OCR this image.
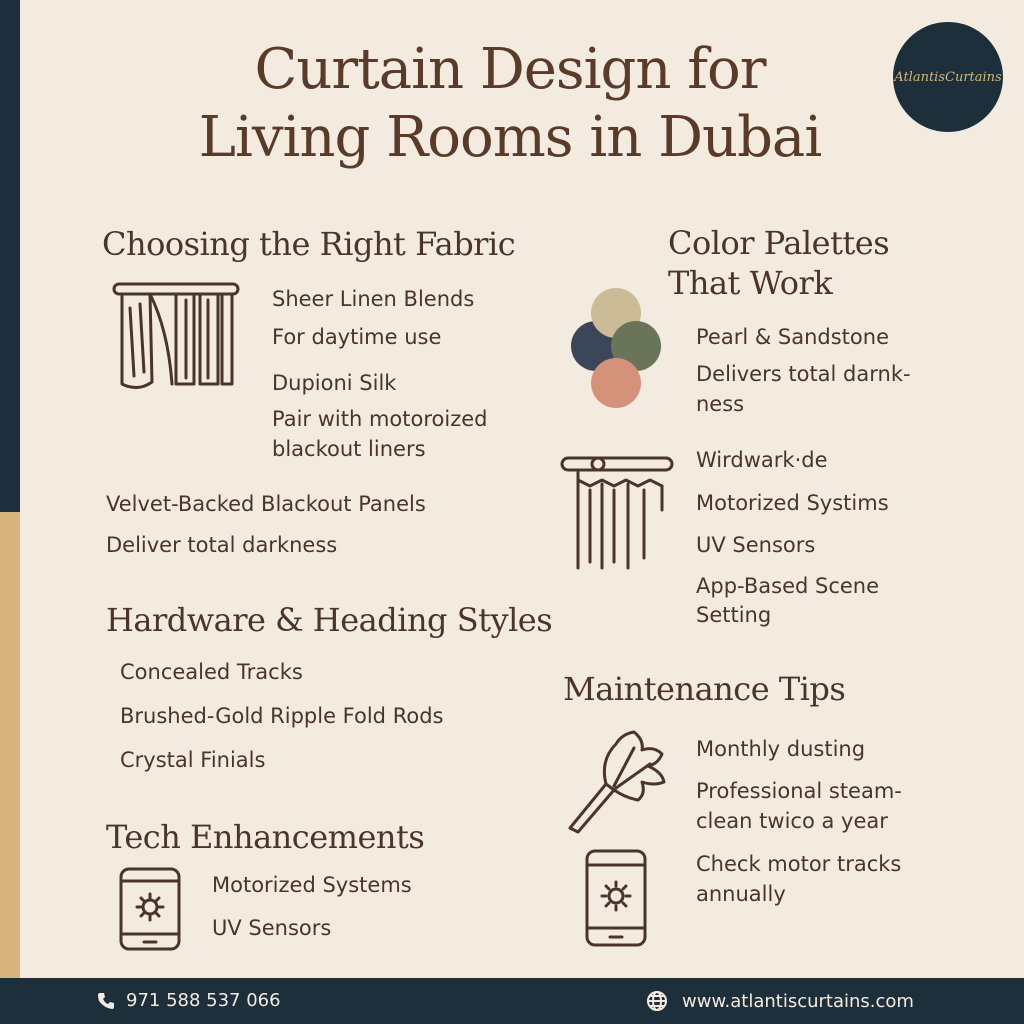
Curtain Design for
Living Rooms in Dubai
AtlantisCurtains
Choosing the Right Fabric
Sheer Linen Blends
For daytime use
Dupioni Silk
Pair with motoroized
blackout liners
Velvet-Backed Blackout Panels
Deliver total darkness
Color Palettes
That Work
Pearl & Sandstone
Delivers total darnk-
ness
Wirdwark·de
Motorized Systims
UV Sensors
App-Based Scene
Setting
Hardware & Heading Styles
Concealed Tracks
Brushed-Gold Ripple Fold Rods
Crystal Finials
Maintenance Tips
Monthly dusting
Professional steam-
clean twico a year
Check motor tracks
annually
Tech Enhancements
Motorized Systems
UV Sensors
971 588 537 066	www.atlantiscurtains.com
